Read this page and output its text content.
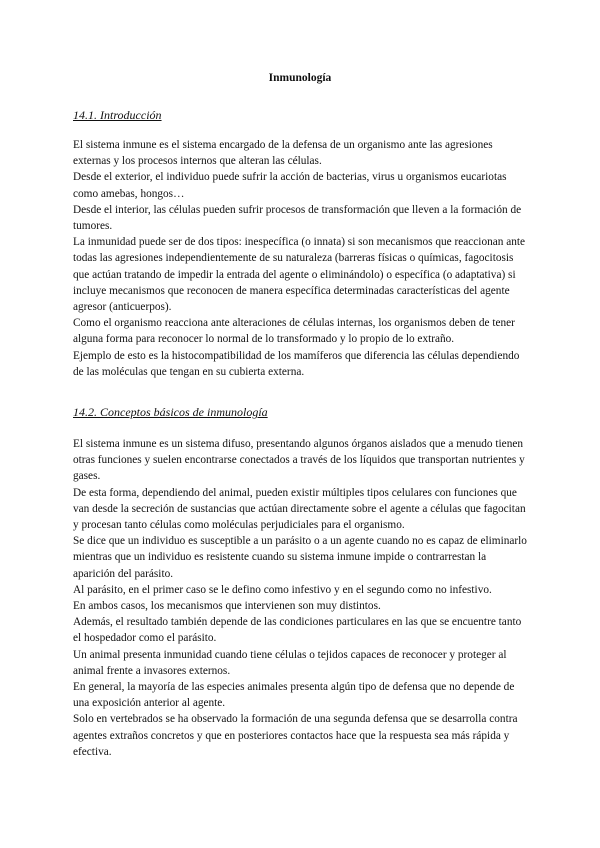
Inmunología
14.1. Introducción

El sistema inmune es el sistema encargado de la defensa de un organismo ante las agresiones externas y los procesos internos que alteran las células.

Desde el exterior, el individuo puede sufrir la acción de bacterias, virus u organismos eucariotas como amebas, hongos…

Desde el interior, las células pueden sufrir procesos de transformación que lleven a la formación de tumores.

La inmunidad puede ser de dos tipos: inespecífica (o innata) si son mecanismos que reaccionan ante todas las agresiones independientemente de su naturaleza (barreras físicas o químicas, fagocitosis que actúan tratando de impedir la entrada del agente o eliminándolo) o específica (o adaptativa) si incluye mecanismos que reconocen de manera específica determinadas características del agente agresor (anticuerpos).

Como el organismo reacciona ante alteraciones de células internas, los organismos deben de tener alguna forma para reconocer lo normal de lo transformado y lo propio de lo extraño.

Ejemplo de esto es la histocompatibilidad de los mamíferos que diferencia las células dependiendo de las moléculas que tengan en su cubierta externa.

14.2. Conceptos básicos de inmunología

El sistema inmune es un sistema difuso, presentando algunos órganos aislados que a menudo tienen otras funciones y suelen encontrarse conectados a través de los líquidos que transportan nutrientes y gases.

De esta forma, dependiendo del animal, pueden existir múltiples tipos celulares con funciones que van desde la secreción de sustancias que actúan directamente sobre el agente a células que fagocitan y procesan tanto células como moléculas perjudiciales para el organismo.

Se dice que un individuo es susceptible a un parásito o a un agente cuando no es capaz de eliminarlo mientras que un individuo es resistente cuando su sistema inmune impide o contrarrestan la aparición del parásito.

Al parásito, en el primer caso se le defino como infestivo y en el segundo como no infestivo.

En ambos casos, los mecanismos que intervienen son muy distintos.

Además, el resultado también depende de las condiciones particulares en las que se encuentre tanto el hospedador como el parásito.

Un animal presenta inmunidad cuando tiene células o tejidos capaces de reconocer y proteger al animal frente a invasores externos.

En general, la mayoría de las especies animales presenta algún tipo de defensa que no depende de una exposición anterior al agente.

Solo en vertebrados se ha observado la formación de una segunda defensa que se desarrolla contra agentes extraños concretos y que en posteriores contactos hace que la respuesta sea más rápida y efectiva.
